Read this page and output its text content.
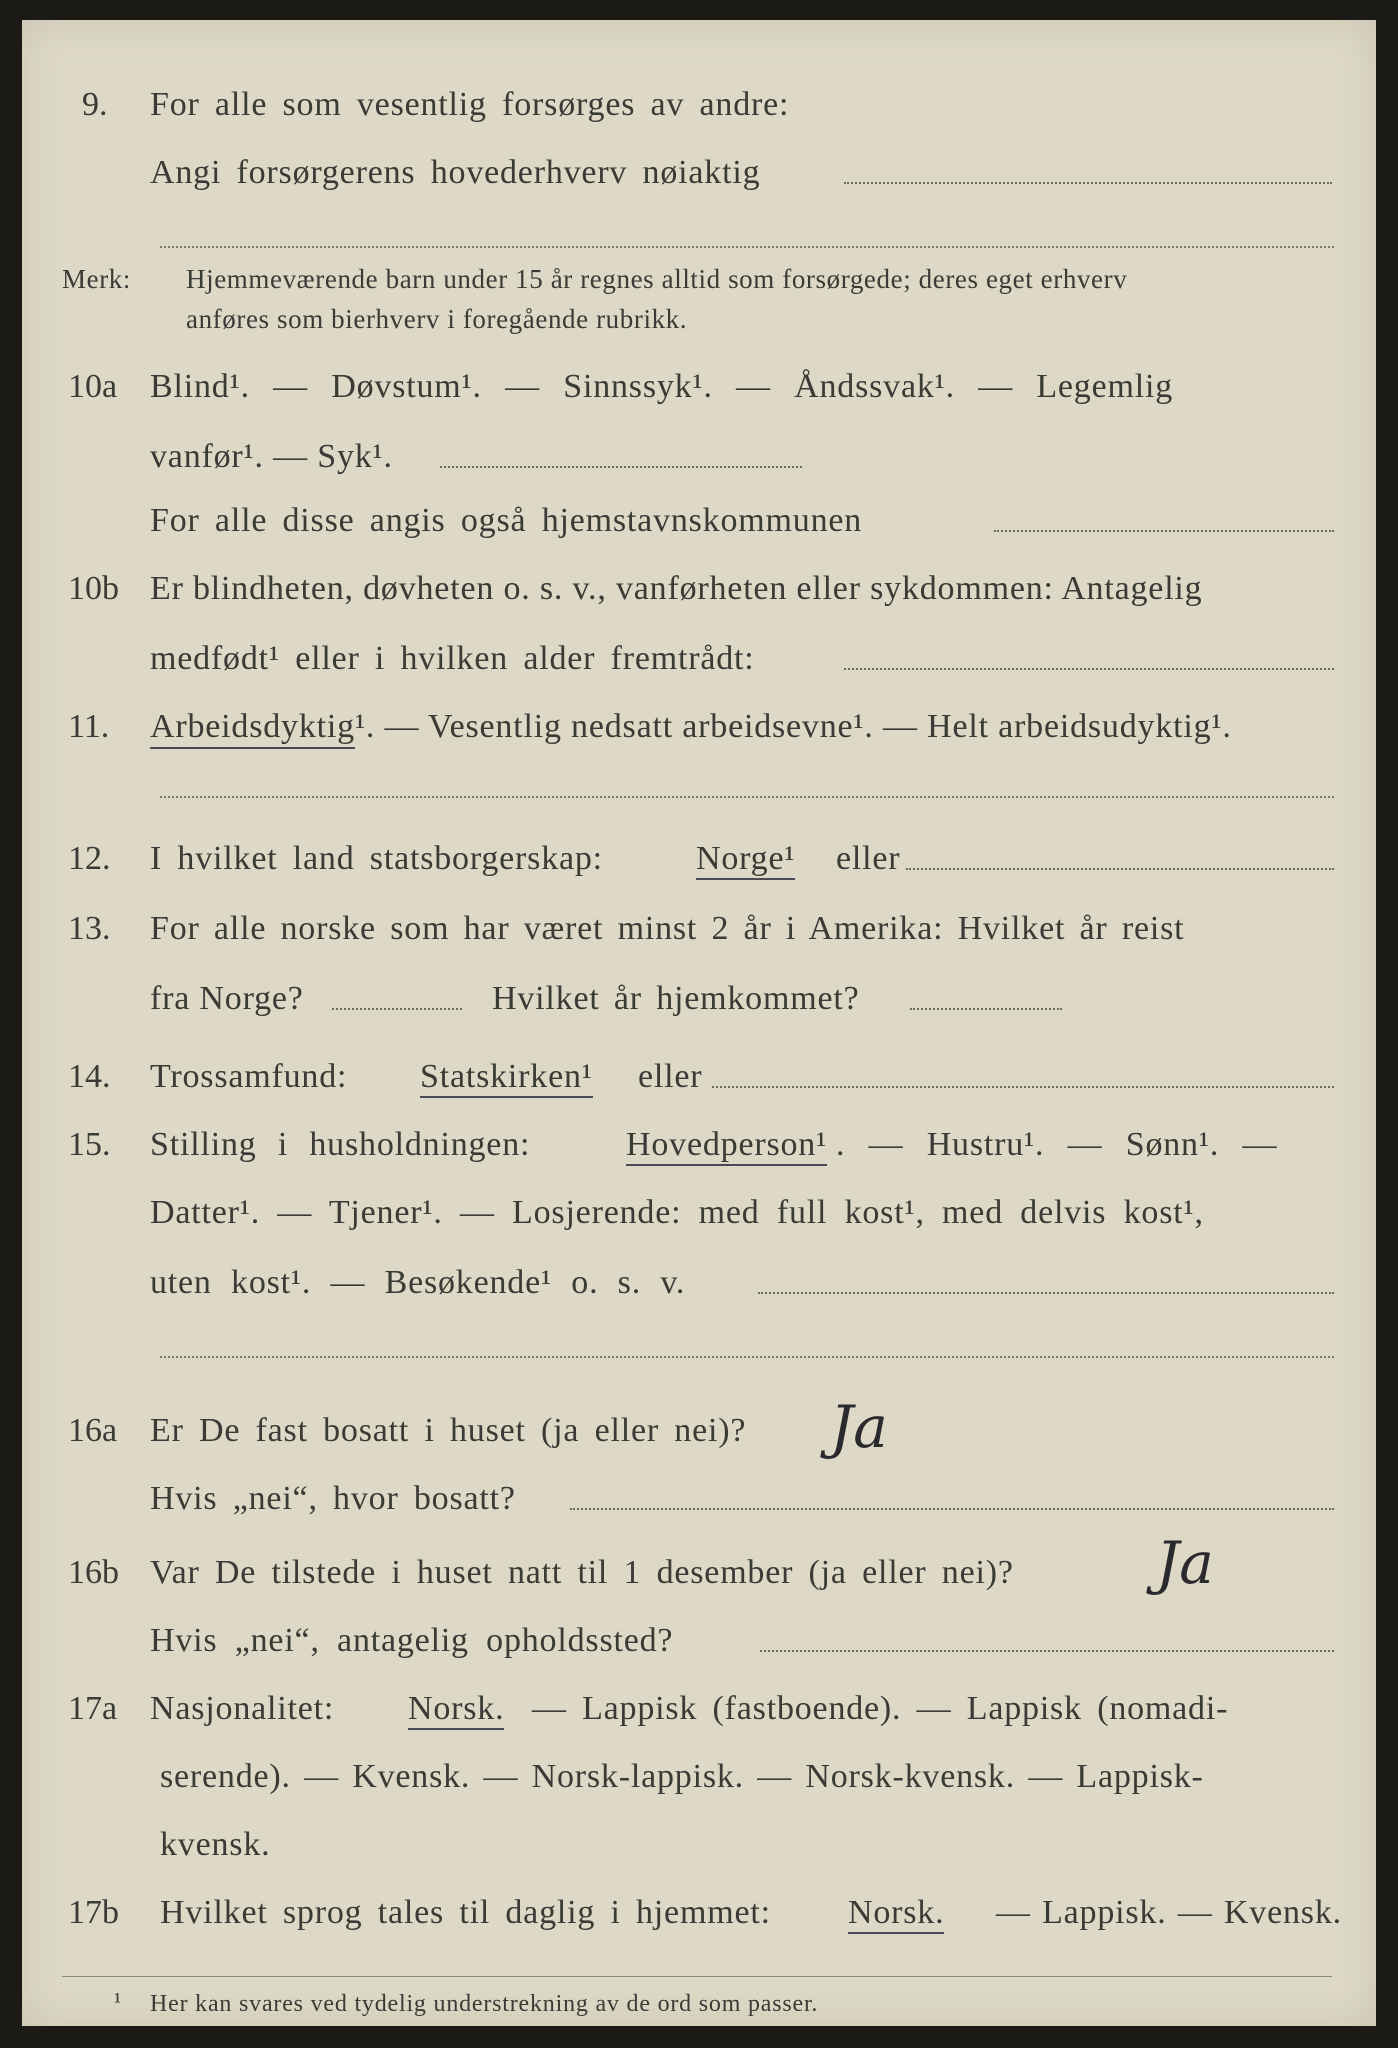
9. For alle som vesentlig forsørges av andre:
Angi forsørgerens hovederhverv nøiaktig
Merk: Hjemmeværende barn under 15 år regnes alltid som forsørgede; deres eget erhverv
anføres som bierhverv i foregående rubrikk.
10a Blind¹. — Døvstum¹. — Sinnssyk¹. — Åndssvak¹. — Legemlig
vanfør¹. — Syk¹.
For alle disse angis også hjemstavnskommunen
10b Er blindheten, døvheten o. s. v., vanførheten eller sykdommen: Antagelig
medfødt¹ eller i hvilken alder fremtrådt:
11. Arbeidsdyktig¹. — Vesentlig nedsatt arbeidsevne¹. — Helt arbeidsudyktig¹.
12. I hvilket land statsborgerskap:	Norge¹ eller
13. For alle norske som har været minst 2 år i Amerika: Hvilket år reist
fra Norge?	Hvilket år hjemkommet?
14. Trossamfund: Statskirken¹ eller
15. Stilling i husholdningen:	Hovedperson¹ . — Hustru¹. — Sønn¹. —
Datter¹. — Tjener¹. — Losjerende: med full kost¹, med delvis kost¹,
uten kost¹. — Besøkende¹ o. s. v.
16a Er De fast bosatt i huset (ja eller nei)? Ja
Hvis „nei“, hvor bosatt?
16b Var De tilstede i huset natt til 1 desember (ja eller nei)? Ja
Hvis „nei“, antagelig opholdssted?
17a Nasjonalitet: Norsk. — Lappisk (fastboende). — Lappisk (nomadi-
serende). — Kvensk. — Norsk-lappisk. — Norsk-kvensk. — Lappisk-
kvensk.
17b Hvilket sprog tales til daglig i hjemmet: Norsk. — Lappisk. — Kvensk.
¹ Her kan svares ved tydelig understrekning av de ord som passer.
